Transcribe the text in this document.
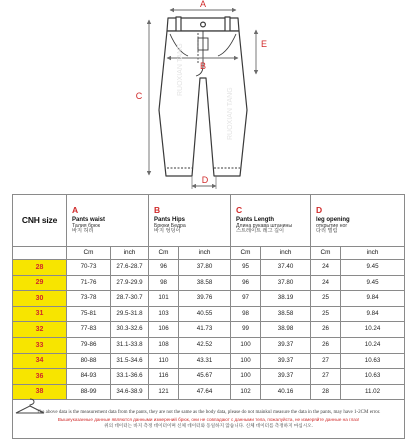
A
B
C
D
E
RUOXIAN TANG
RUOXIAN TANG
CNH size	A
Pants waist
Талия брюк
바지 허리		B
Pants Hips
Брюки Бедра
바지 엉덩이		C
Pants Length
Длина рукава штанины
스트레이트 레그 길이		D
leg opening
открытие ног
다리 벌림	

	Cm	inch	Cm	inch	Cm	inch	Cm	inch
28	70-73	27.6-28.7	96	37.80	95	37.40	24	9.45
29	71-76	27.9-29.9	98	38.58	96	37.80	24	9.45
30	73-78	28.7-30.7	101	39.76	97	38.19	25	9.84
31	75-81	29.5-31.8	103	40.55	98	38.58	25	9.84
32	77-83	30.3-32.6	106	41.73	99	38.98	26	10.24
33	79-86	31.1-33.8	108	42.52	100	39.37	26	10.24
34	80-88	31.5-34.6	110	43.31	100	39.37	27	10.63
36	84-93	33.1-36.6	116	45.67	100	39.37	27	10.63
38	88-99	34.6-38.9	121	47.64	102	40.16	28	11.02

The above data is the measurement data from the pants, they are not the same as the body data, please do not mainkul measure the data in the pants, may have 1-2CM error.
Вышеуказанные данные являются данными измерений брюк, они не совпадают с данными тела, пожалуйста, не измеряйте данные на глаз!
위의 데이터는 바지 측정 데이터이며 신체 데이터와 동일하지 않습니다. 신체 데이터를 측정하지 마십시오.								
